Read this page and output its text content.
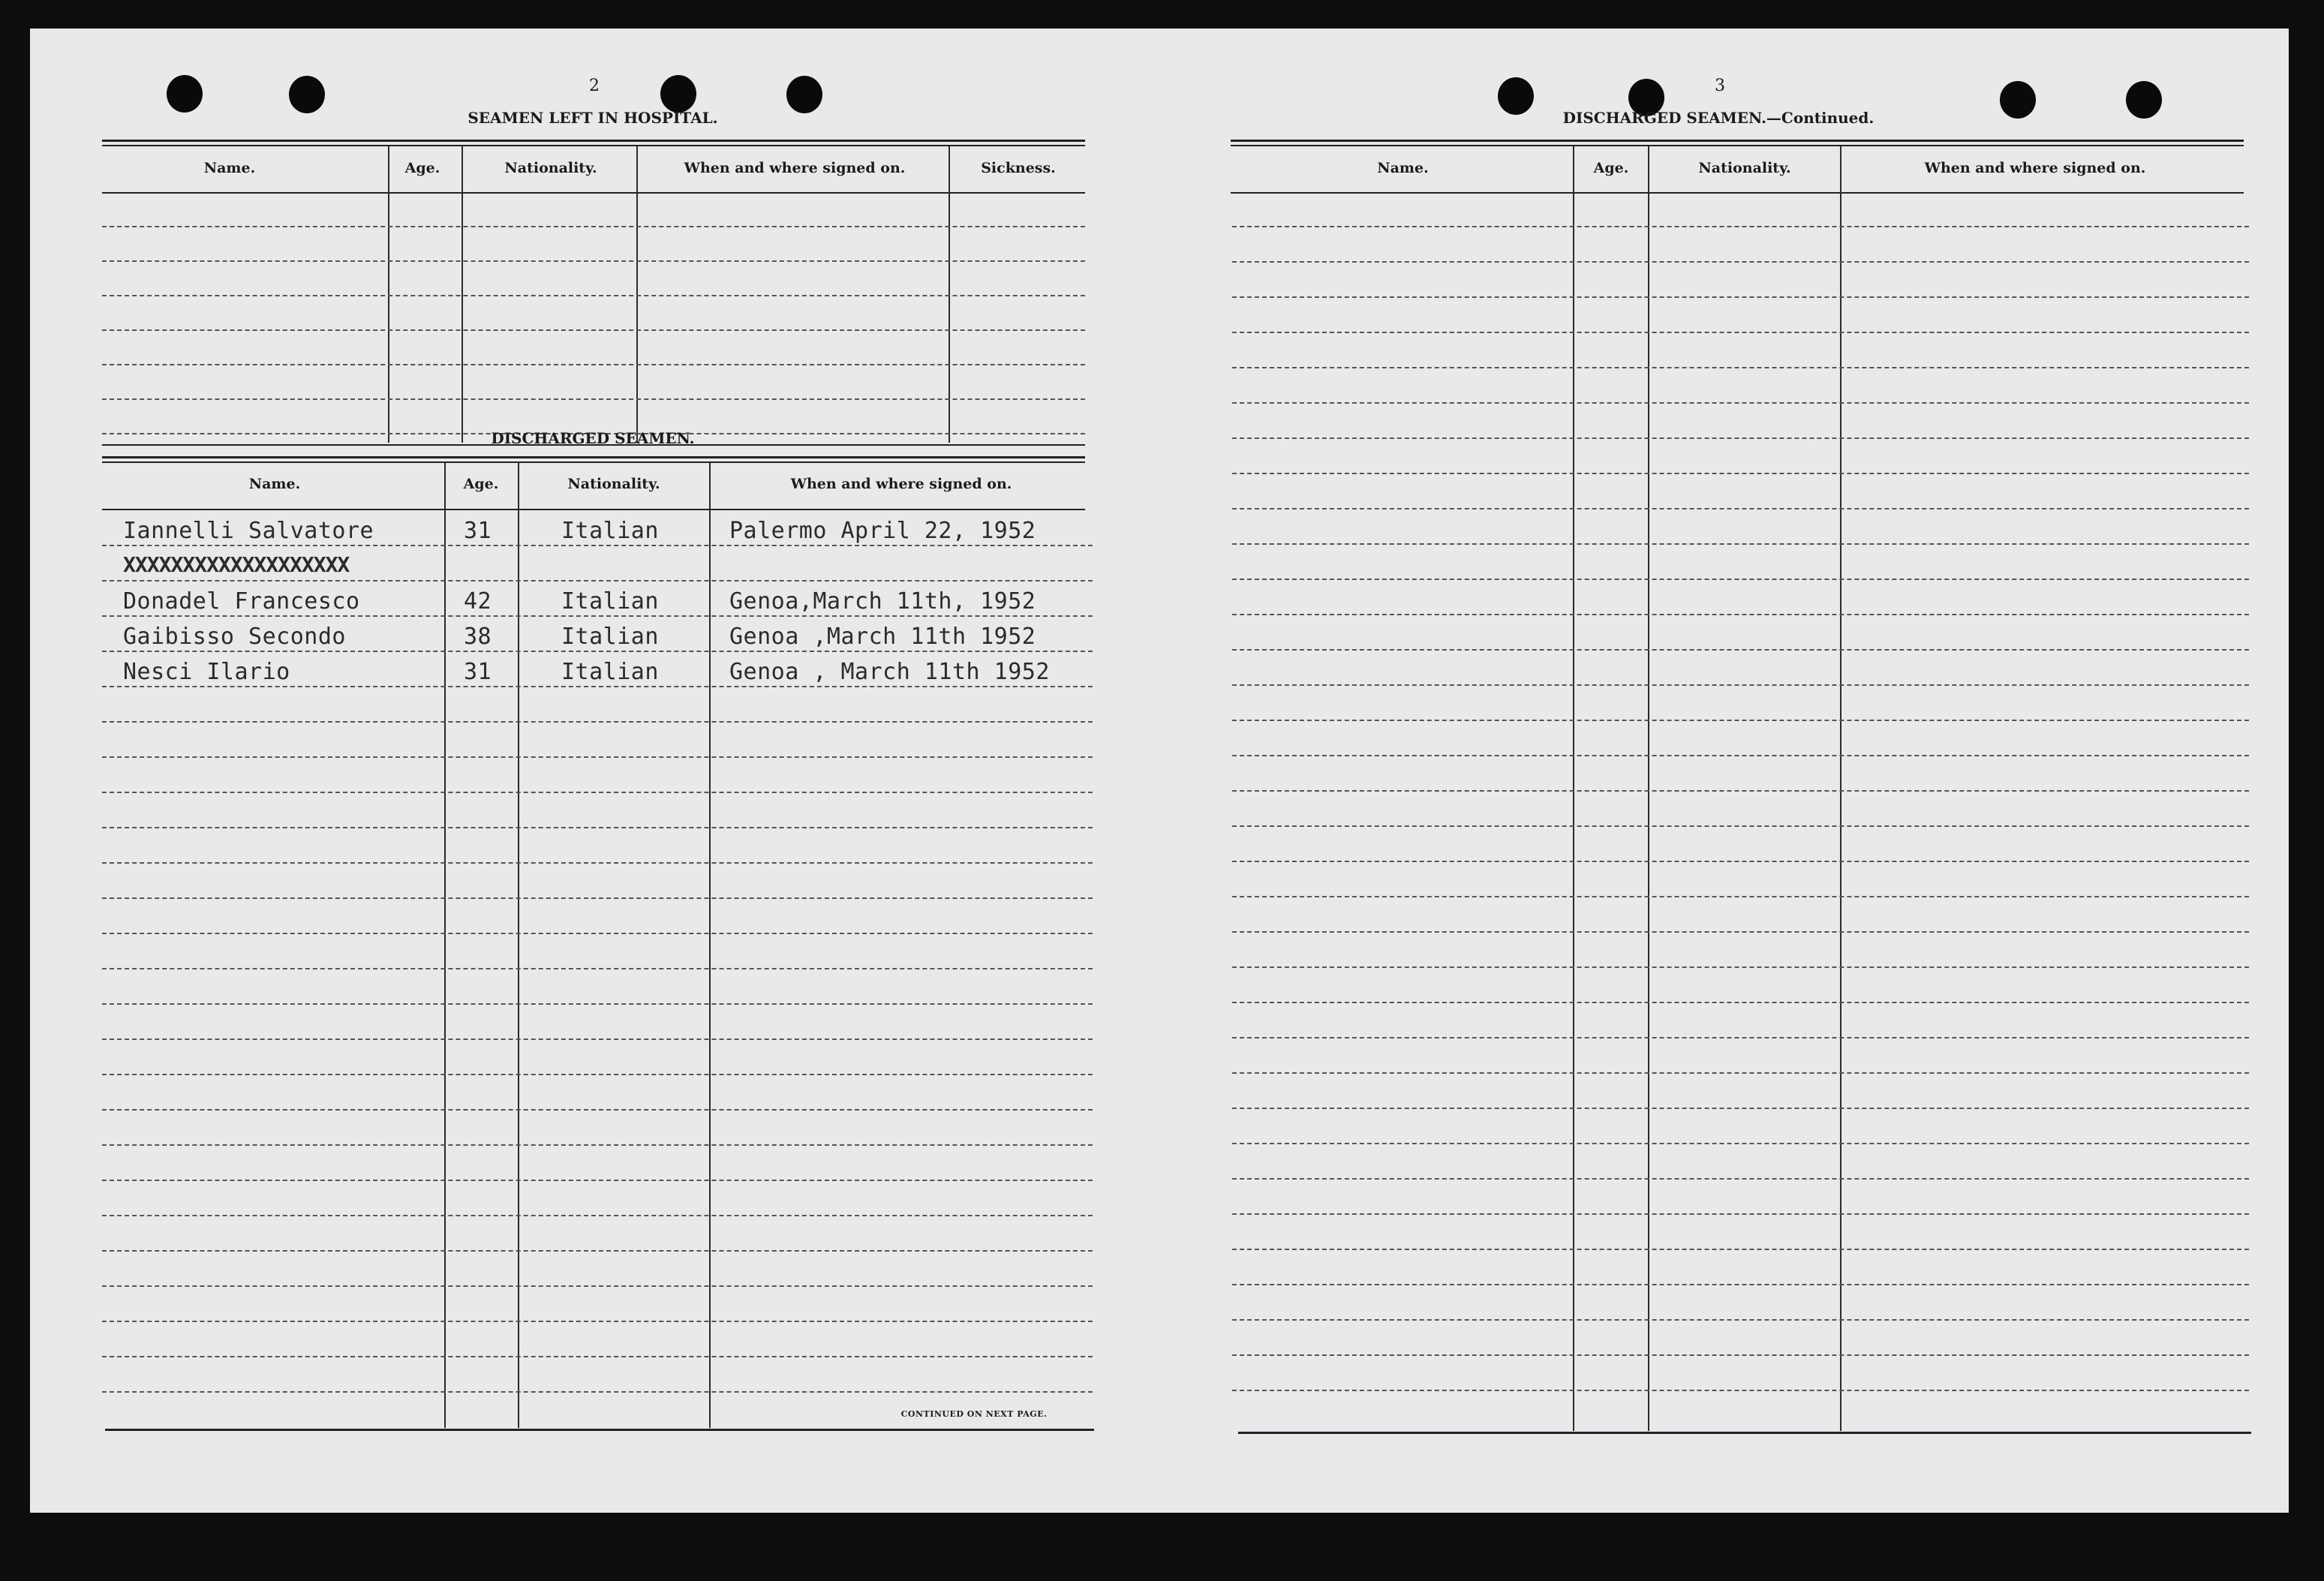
2
SEAMEN LEFT IN HOSPITAL.
Name.	Age.	Nationality.	When and where signed on.	Sickness.
DISCHARGED SEAMEN.
Name.	Age.	Nationality.	When and where signed on.
Iannelli Salvatore	31	Italian	Palermo April 22, 1952
XXXXXXXXXXXXXXXXXXX
Donadel Francesco	42	Italian	Genoa,March 11th, 1952
Gaibisso Secondo	38	Italian	Genoa ,March 11th 1952
Nesci Ilario	31	Italian	Genoa , March 11th 1952
CONTINUED ON NEXT PAGE.
3
DISCHARGED SEAMEN.—Continued.
Name.	Age.	Nationality.	When and where signed on.
